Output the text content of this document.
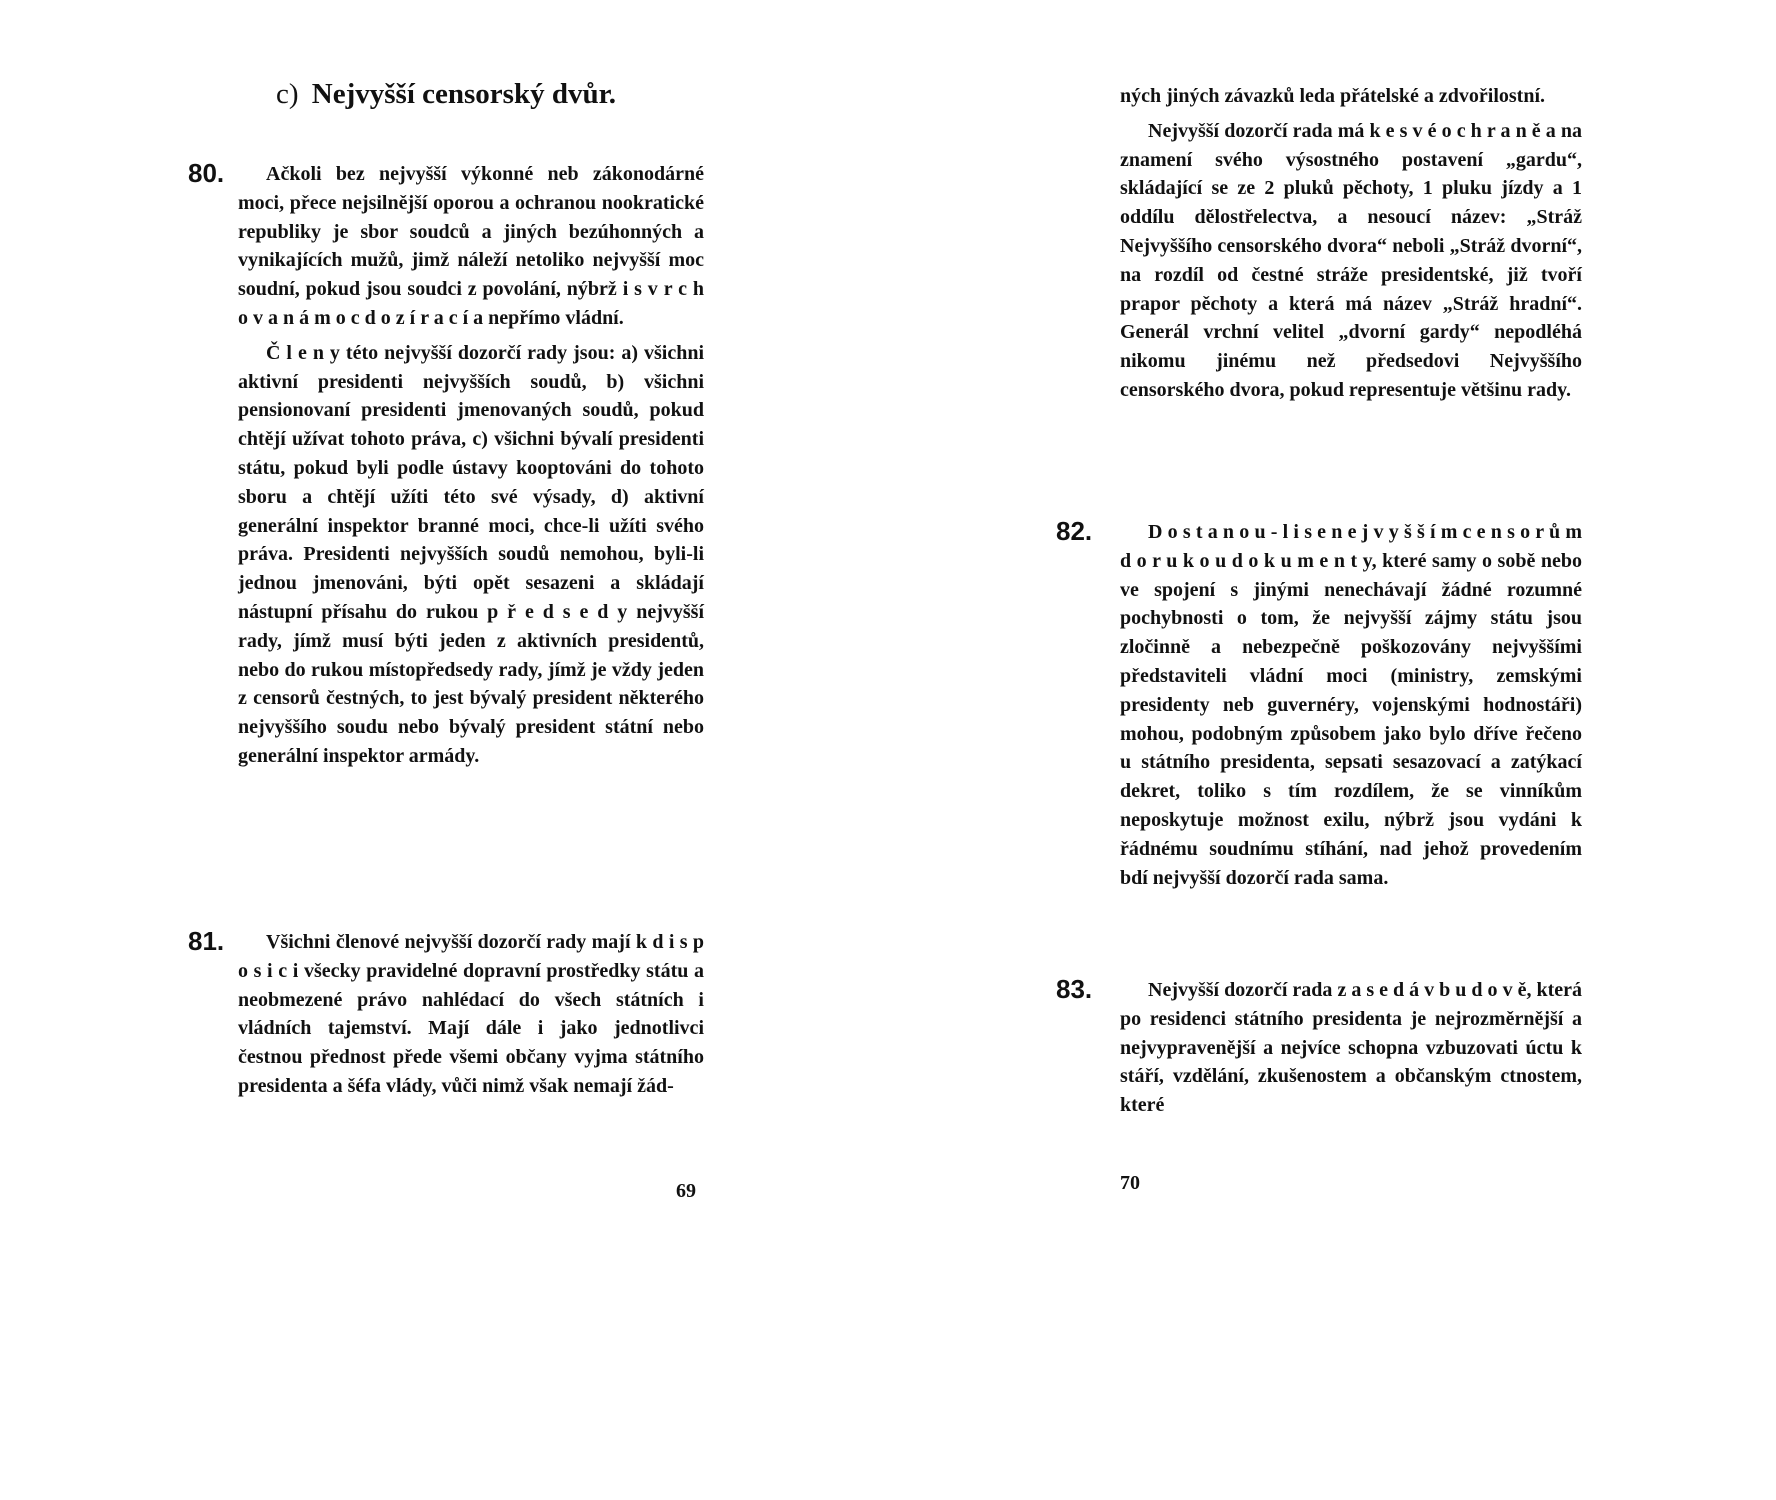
c) Nejvyšší censorský dvůr.
80.	Ačkoli bez nejvyšší výkonné neb zákonodárné moci, přece nejsilnější oporou a ochranou nookratické republiky je sbor soudců a jiných bezúhonných a vynikajících mužů, jimž náleží netoliko nejvyšší moc soudní, pokud jsou soudci z povolání, nýbrž i s v r c h o v a n á m o c d o z í r a c í a nepřímo vládní.

Č l e n y této nejvyšší dozorčí rady jsou: a) všichni aktivní presidenti nejvyšších soudů, b) všichni pensionovaní presidenti jmenovaných soudů, pokud chtějí užívat tohoto práva, c) všichni bývalí presidenti státu, pokud byli podle ústavy kooptováni do tohoto sboru a chtějí užíti této své výsady, d) aktivní generální inspektor branné moci, chce-li užíti svého práva. Presidenti nejvyšších soudů nemohou, byli-li jednou jmenováni, býti opět sesazeni a skládají nástupní přísahu do rukou p ř e d s e d y nejvyšší rady, jímž musí býti jeden z aktivních presidentů, nebo do rukou místopředsedy rady, jímž je vždy jeden z censorů čestných, to jest bývalý president některého nejvyššího soudu nebo bývalý president státní nebo generální inspektor armády.

81.	Všichni členové nejvyšší dozorčí rady mají k d i s p o s i c i všecky pravidelné dopravní prostředky státu a neobmezené právo nahlédací do všech státních i vládních tajemství. Mají dále i jako jednotlivci čestnou přednost přede všemi občany vyjma státního presidenta a šéfa vlády, vůči nimž však nemají žád-

69

ných jiných závazků leda přátelské a zdvořilostní.

Nejvyšší dozorčí rada má k e s v é o c h r a n ě a na znamení svého výsostného postavení „gardu“, skládající se ze 2 pluků pěchoty, 1 pluku jízdy a 1 oddílu dělostřelectva, a nesoucí název: „Stráž Nejvyššího censorského dvora“ neboli „Stráž dvorní“, na rozdíl od čestné stráže presidentské, již tvoří prapor pěchoty a která má název „Stráž hradní“. Generál vrchní velitel „dvorní gardy“ nepodléhá nikomu jinému než předsedovi Nejvyššího censorského dvora, pokud representuje většinu rady.

82.	D o s t a n o u - l i s e n e j v y š š í m c e n s o r ů m d o r u k o u d o k u m e n t y, které samy o sobě nebo ve spojení s jinými nenechávají žádné rozumné pochybnosti o tom, že nejvyšší zájmy státu jsou zločinně a nebezpečně poškozovány nejvyššími představiteli vládní moci (ministry, zemskými presidenty neb guvernéry, vojenskými hodnostáři) mohou, podobným způsobem jako bylo dříve řečeno u státního presidenta, sepsati sesazovací a zatýkací dekret, toliko s tím rozdílem, že se vinníkům neposkytuje možnost exilu, nýbrž jsou vydáni k řádnému soudnímu stíhání, nad jehož provedením bdí nejvyšší dozorčí rada sama.

83.	Nejvyšší dozorčí rada z a s e d á v b u d o v ě, která po residenci státního presidenta je nejrozměrnější a nejvypravenější a nejvíce schopna vzbuzovati úctu k stáří, vzdělání, zkušenostem a občanským ctnostem, které

70
